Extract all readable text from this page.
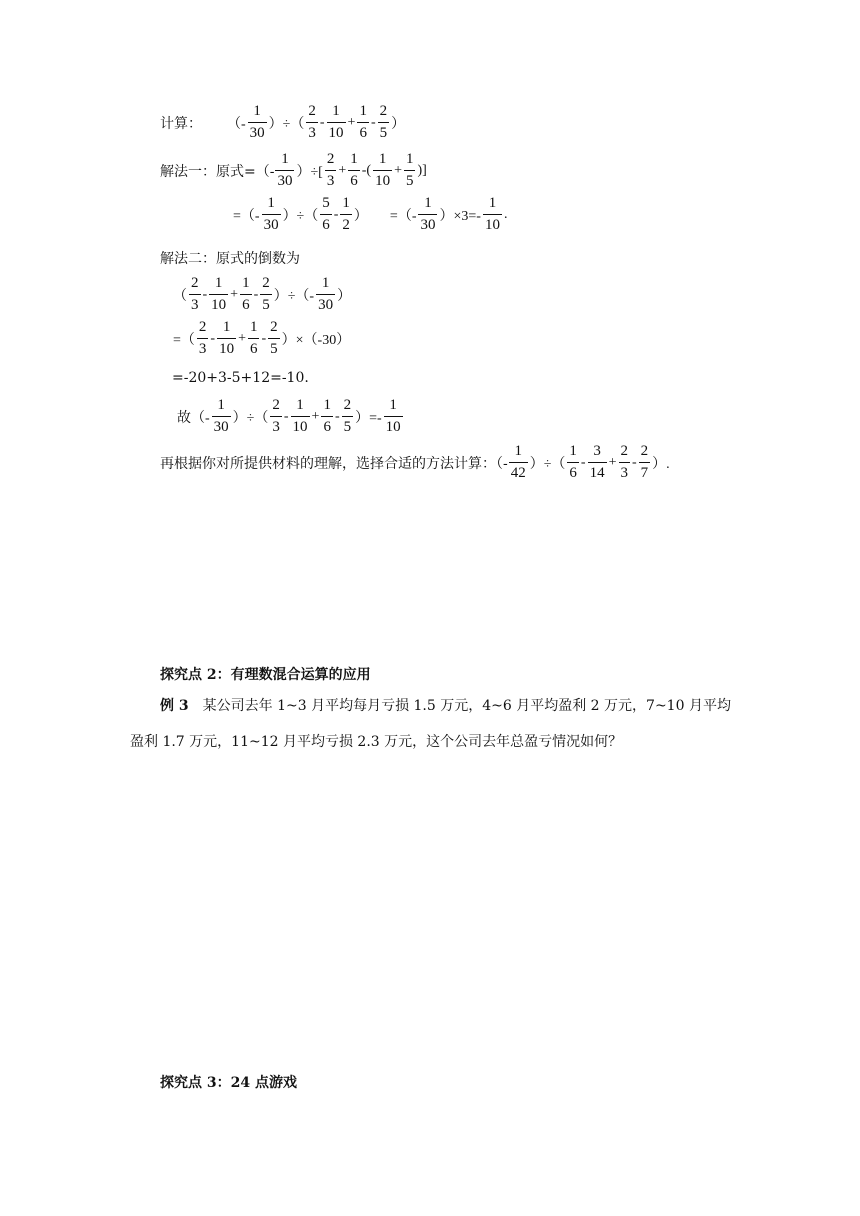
计算： （- $\frac{1}{30}$ ）÷（ $\frac{2}{3} - \frac{1}{10} + \frac{1}{6} - \frac{2}{5}$ ）
解法一：原式=（- $\frac{1}{30}$ ）÷[ $\frac{2}{3} + \frac{1}{6}$ -( $\frac{1}{10} + \frac{1}{5}$ )]
=（- $\frac{1}{30}$ ）÷（ $\frac{5}{6} - \frac{1}{2}$ ） =（- $\frac{1}{30} )\times 3=- \frac{1}{10}$ .
解法二：原式的倒数为
（ $\frac{2}{3} - \frac{1}{10} + \frac{1}{6} - \frac{2}{5}$ ）÷（- $\frac{1}{30}$ ）
=（ $\frac{2}{3} - \frac{1}{10} + \frac{1}{6} - \frac{2}{5} )\times(-30)$
=-20+3-5+12=-10.
故（- $\frac{1}{30}$ ）÷（ $\frac{2}{3} - \frac{1}{10} + \frac{1}{6} - \frac{2}{5}$ ）=- $\frac{1}{10}$
再根据你对所提供材料的理解，选择合适的方法计算：（- $\frac{1}{42}$ ）÷（ $\frac{1}{6} - \frac{3}{14} + \frac{2}{3} - \frac{2}{7}$ ）.
探究点 2：有理数混合运算的应用
例 3  某公司去年 1~3 月平均每月亏损 1.5 万元，4~6 月平均盈利 2 万元，7~10 月平均
盈利 1.7 万元，11~12 月平均亏损 2.3 万元，这个公司去年总盈亏情况如何？
探究点 3：24 点游戏
